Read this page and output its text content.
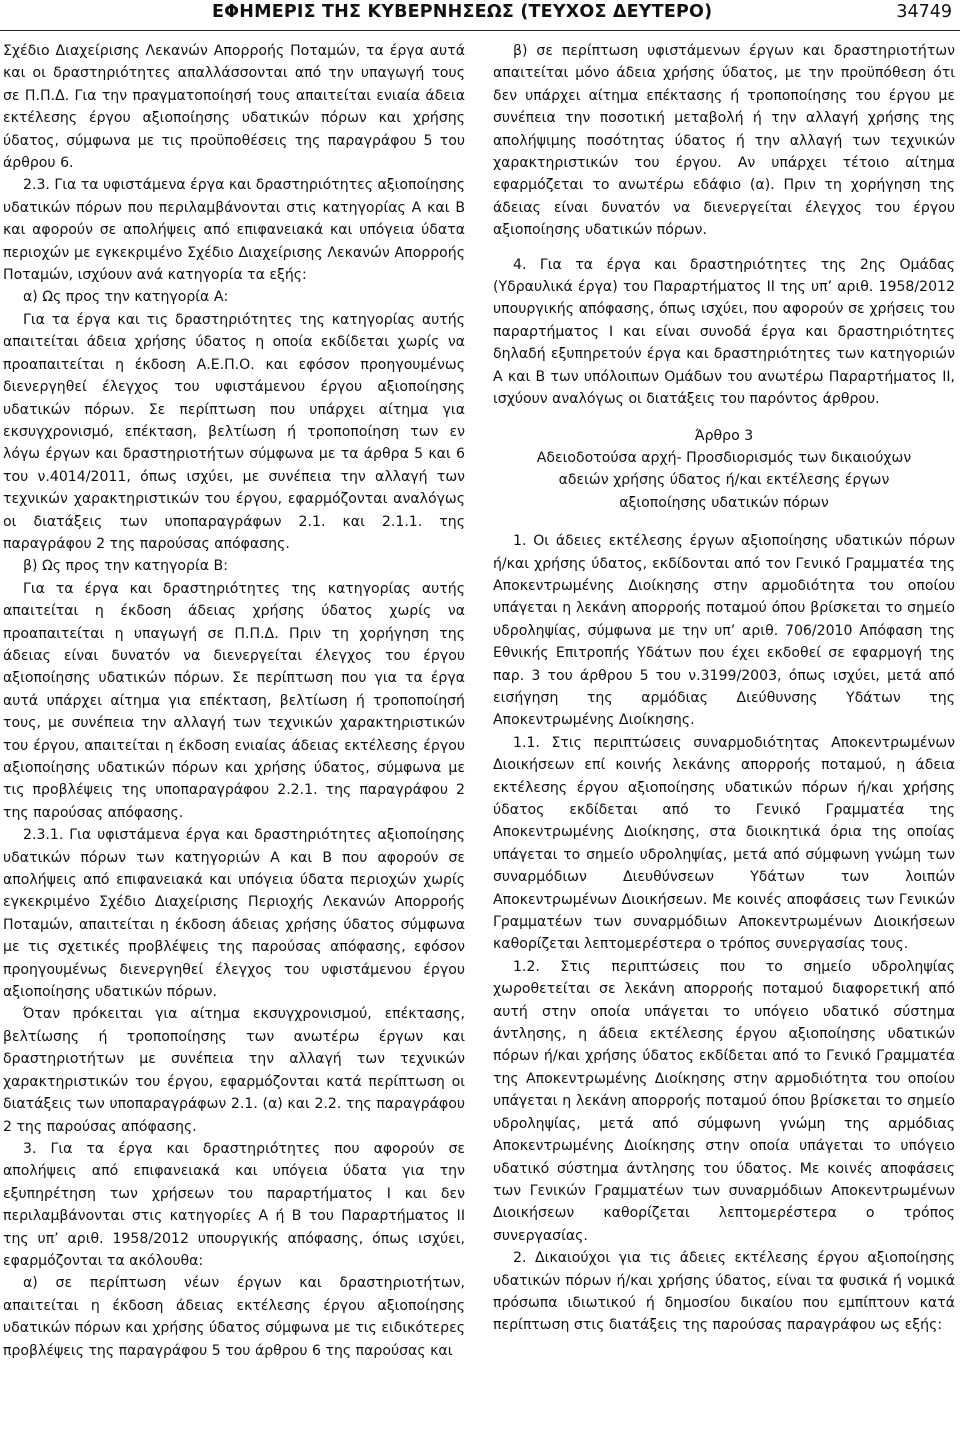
ΕΦΗΜΕΡΙΣ ΤΗΣ ΚΥΒΕΡΝΗΣΕΩΣ (ΤΕΥΧΟΣ ΔΕΥΤΕΡΟ)	34749

Σχέδιο Διαχείρισης Λεκανών Απορροής Ποταμών, τα έργα αυτά και οι δραστηριότητες απαλλάσσονται από την υπαγωγή τους σε Π.Π.Δ. Για την πραγματοποίησή τους απαιτείται ενιαία άδεια εκτέλεσης έργου αξιοποίησης υδατικών πόρων και χρήσης ύδατος, σύμφωνα με τις προϋποθέσεις της παραγράφου 5 του άρθρου 6.

2.3. Για τα υφιστάμενα έργα και δραστηριότητες αξιοποίησης υδατικών πόρων που περιλαμβάνονται στις κατηγορίας Α και Β και αφορούν σε απολήψεις από επιφανειακά και υπόγεια ύδατα περιοχών με εγκεκριμένο Σχέδιο Διαχείρισης Λεκανών Απορροής Ποταμών, ισχύουν ανά κατηγορία τα εξής:

α) Ως προς την κατηγορία Α:

Για τα έργα και τις δραστηριότητες της κατηγορίας αυτής απαιτείται άδεια χρήσης ύδατος η οποία εκδίδεται χωρίς να προαπαιτείται η έκδοση Α.Ε.Π.Ο. και εφόσον προηγουμένως διενεργηθεί έλεγχος του υφιστάμενου έργου αξιοποίησης υδατικών πόρων. Σε περίπτωση που υπάρχει αίτημα για εκσυγχρονισμό, επέκταση, βελτίωση ή τροποποίηση των εν λόγω έργων και δραστηριοτήτων σύμφωνα με τα άρθρα 5 και 6 του ν.4014/2011, όπως ισχύει, με συνέπεια την αλλαγή των τεχνικών χαρακτηριστικών του έργου, εφαρμόζονται αναλόγως οι διατάξεις των υποπαραγράφων 2.1. και 2.1.1. της παραγράφου 2 της παρούσας απόφασης.

β) Ως προς την κατηγορία Β:

Για τα έργα και δραστηριότητες της κατηγορίας αυτής απαιτείται η έκδοση άδειας χρήσης ύδατος χωρίς να προαπαιτείται η υπαγωγή σε Π.Π.Δ. Πριν τη χορήγηση της άδειας είναι δυνατόν να διενεργείται έλεγχος του έργου αξιοποίησης υδατικών πόρων. Σε περίπτωση που για τα έργα αυτά υπάρχει αίτημα για επέκταση, βελτίωση ή τροποποίησή τους, με συνέπεια την αλλαγή των τεχνικών χαρακτηριστικών του έργου, απαιτείται η έκδοση ενιαίας άδειας εκτέλεσης έργου αξιοποίησης υδατικών πόρων και χρήσης ύδατος, σύμφωνα με τις προβλέψεις της υποπαραγράφου 2.2.1. της παραγράφου 2 της παρούσας απόφασης.

2.3.1. Για υφιστάμενα έργα και δραστηριότητες αξιοποίησης υδατικών πόρων των κατηγοριών Α και Β που αφορούν σε απολήψεις από επιφανειακά και υπόγεια ύδατα περιοχών χωρίς εγκεκριμένο Σχέδιο Διαχείρισης Περιοχής Λεκανών Απορροής Ποταμών, απαιτείται η έκδοση άδειας χρήσης ύδατος σύμφωνα με τις σχετικές προβλέψεις της παρούσας απόφασης, εφόσον προηγουμένως διενεργηθεί έλεγχος του υφιστάμενου έργου αξιοποίησης υδατικών πόρων.

Όταν πρόκειται για αίτημα εκσυγχρονισμού, επέκτασης, βελτίωσης ή τροποποίησης των ανωτέρω έργων και δραστηριοτήτων με συνέπεια την αλλαγή των τεχνικών χαρακτηριστικών του έργου, εφαρμόζονται κατά περίπτωση οι διατάξεις των υποπαραγράφων 2.1. (α) και 2.2. της παραγράφου 2 της παρούσας απόφασης.

3. Για τα έργα και δραστηριότητες που αφορούν σε απολήψεις από επιφανειακά και υπόγεια ύδατα για την εξυπηρέτηση των χρήσεων του παραρτήματος Ι και δεν περιλαμβάνονται στις κατηγορίες Α ή Β του Παραρτήματος ΙΙ της υπ’ αριθ. 1958/2012 υπουργικής απόφασης, όπως ισχύει, εφαρμόζονται τα ακόλουθα:

α) σε περίπτωση νέων έργων και δραστηριοτήτων, απαιτείται η έκδοση άδειας εκτέλεσης έργου αξιοποίησης υδατικών πόρων και χρήσης ύδατος σύμφωνα με τις ειδικότερες προβλέψεις της παραγράφου 5 του άρθρου 6 της παρούσας και

β) σε περίπτωση υφιστάμενων έργων και δραστηριοτήτων απαιτείται μόνο άδεια χρήσης ύδατος, με την προϋπόθεση ότι δεν υπάρχει αίτημα επέκτασης ή τροποποίησης του έργου με συνέπεια την ποσοτική μεταβολή ή την αλλαγή χρήσης της απολήψιμης ποσότητας ύδατος ή την αλλαγή των τεχνικών χαρακτηριστικών του έργου. Αν υπάρχει τέτοιο αίτημα εφαρμόζεται το ανωτέρω εδάφιο (α). Πριν τη χορήγηση της άδειας είναι δυνατόν να διενεργείται έλεγχος του έργου αξιοποίησης υδατικών πόρων.

4. Για τα έργα και δραστηριότητες της 2ης Ομάδας (Υδραυλικά έργα) του Παραρτήματος ΙΙ της υπ’ αριθ. 1958/2012 υπουργικής απόφασης, όπως ισχύει, που αφορούν σε χρήσεις του παραρτήματος Ι και είναι συνοδά έργα και δραστηριότητες δηλαδή εξυπηρετούν έργα και δραστηριότητες των κατηγοριών Α και Β των υπόλοιπων Ομάδων του ανωτέρω Παραρτήματος ΙΙ, ισχύουν αναλόγως οι διατάξεις του παρόντος άρθρου.

Άρθρο 3

Αδειοδοτούσα αρχή- Προσδιορισμός των δικαιούχων

αδειών χρήσης ύδατος ή/και εκτέλεσης έργων

αξιοποίησης υδατικών πόρων

1. Οι άδειες εκτέλεσης έργων αξιοποίησης υδατικών πόρων ή/και χρήσης ύδατος, εκδίδονται από τον Γενικό Γραμματέα της Αποκεντρωμένης Διοίκησης στην αρμοδιότητα του οποίου υπάγεται η λεκάνη απορροής ποταμού όπου βρίσκεται το σημείο υδροληψίας, σύμφωνα με την υπ’ αριθ. 706/2010 Απόφαση της Εθνικής Επιτροπής Υδάτων που έχει εκδοθεί σε εφαρμογή της παρ. 3 του άρθρου 5 του ν.3199/2003, όπως ισχύει, μετά από εισήγηση της αρμόδιας Διεύθυνσης Υδάτων της Αποκεντρωμένης Διοίκησης.

1.1. Στις περιπτώσεις συναρμοδιότητας Αποκεντρωμένων Διοικήσεων επί κοινής λεκάνης απορροής ποταμού, η άδεια εκτέλεσης έργου αξιοποίησης υδατικών πόρων ή/και χρήσης ύδατος εκδίδεται από το Γενικό Γραμματέα της Αποκεντρωμένης Διοίκησης, στα διοικητικά όρια της οποίας υπάγεται το σημείο υδροληψίας, μετά από σύμφωνη γνώμη των συναρμόδιων Διευθύνσεων Υδάτων των λοιπών Αποκεντρωμένων Διοικήσεων. Με κοινές αποφάσεις των Γενικών Γραμματέων των συναρμόδιων Αποκεντρωμένων Διοικήσεων καθορίζεται λεπτομερέστερα ο τρόπος συνεργασίας τους.

1.2. Στις περιπτώσεις που το σημείο υδροληψίας χωροθετείται σε λεκάνη απορροής ποταμού διαφορετική από αυτή στην οποία υπάγεται το υπόγειο υδατικό σύστημα άντλησης, η άδεια εκτέλεσης έργου αξιοποίησης υδατικών πόρων ή/και χρήσης ύδατος εκδίδεται από το Γενικό Γραμματέα της Αποκεντρωμένης Διοίκησης στην αρμοδιότητα του οποίου υπάγεται η λεκάνη απορροής ποταμού όπου βρίσκεται το σημείο υδροληψίας, μετά από σύμφωνη γνώμη της αρμόδιας Αποκεντρωμένης Διοίκησης στην οποία υπάγεται το υπόγειο υδατικό σύστημα άντλησης του ύδατος. Με κοινές αποφάσεις των Γενικών Γραμματέων των συναρμόδιων Αποκεντρωμένων Διοικήσεων καθορίζεται λεπτομερέστερα ο τρόπος συνεργασίας.

2. Δικαιούχοι για τις άδειες εκτέλεσης έργου αξιοποίησης υδατικών πόρων ή/και χρήσης ύδατος, είναι τα φυσικά ή νομικά πρόσωπα ιδιωτικού ή δημοσίου δικαίου που εμπίπτουν κατά περίπτωση στις διατάξεις της παρούσας παραγράφου ως εξής:
